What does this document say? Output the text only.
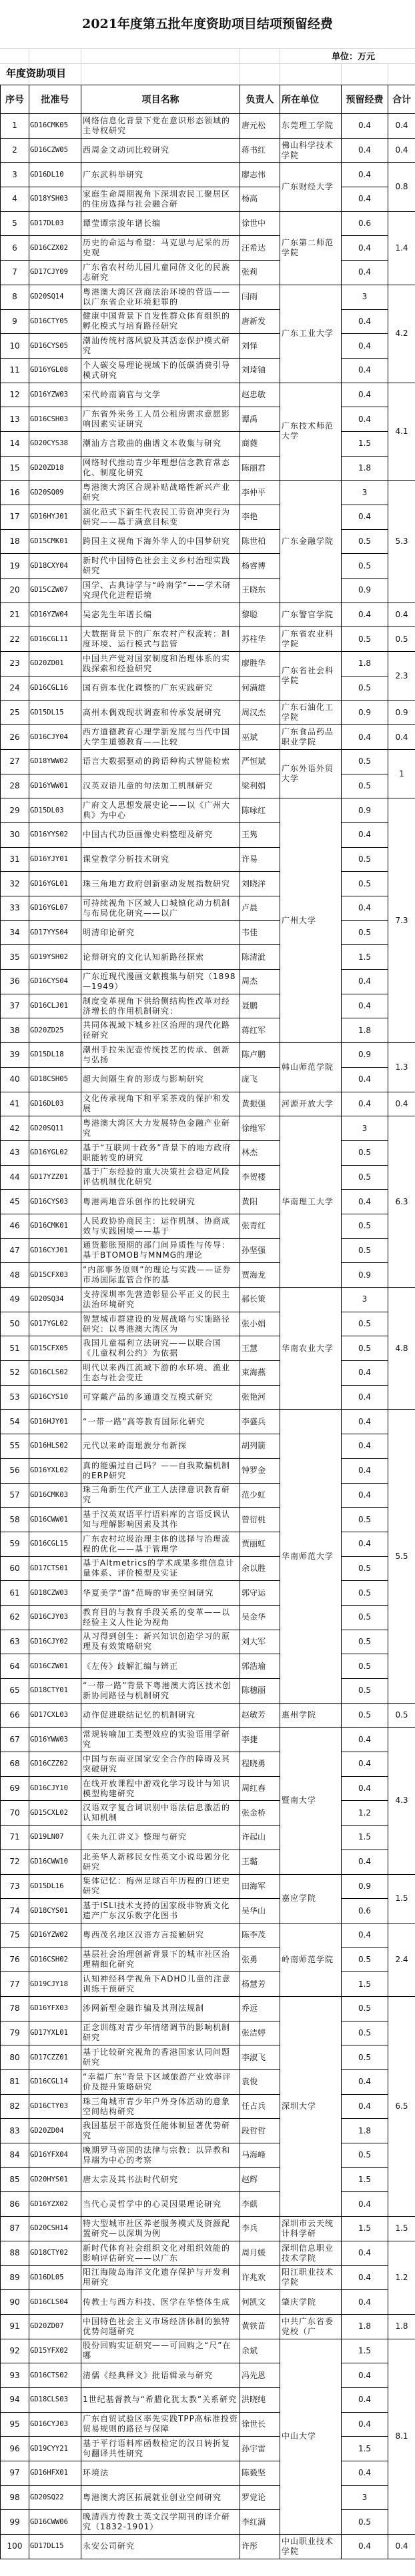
2021年度第五批年度资助项目结项预留经费
单位：万元
年度资助项目
序号	批准号	项目名称	负责人	所在单位	预留经费	合计
1	GD16CMK05	网络信息化背景下党在意识形态领域的主导权研究	唐元松	东莞理工学院	0.4	0.4
2	GD16CZW05	西周金文动词比较研究	蒋书红	佛山科学技术学院	0.4	0.4
3	GD16DL10	广东武科举研究	廖志伟	广东财经大学	0.4	0.8
4	GD18YSH03	家庭生命周期视角下深圳农民工聚居区的住房选择与社会融合研	杨高		0.4	
5	GD17DL03	谭莹谭宗浚年谱长编	徐世中	广东第二师范学院	0.6	1.4
6	GD16CZX02	历史的命运与希望：马克思与尼采的历史观	汪希达		0.4	
7	GD17CJY09	广东省农村幼儿园儿童同侪文化的民族志研究	张莉		0.4	
8	GD20SQ14	粤港澳大湾区营商法治环境的营造——以广东省企业环境犯罪的	闫雨	广东工业大学	3	4.2
9	GD16CTY05	健康中国背景下自发性群众体育组织的孵化模式与培育路径研究	唐新发		0.4	
10	GD16CYS05	潮汕传统村落风貌及其活态保护模式研究	刘怿		0.4	
11	GD16YGL08	个人碳交易理论视域下的低碳消费引导模式研究	刘琦铀		0.4	
12	GD16YZW03	宋代岭南谪官与文学	赵忠敏	广东技术师范大学	0.4	4.1
13	GD16CSH03	广东省外来务工人员公租房需求意愿影响因素实证研究	谭禹		0.4	
14	GD20CYS38	潮汕方言歌曲的曲谱文本收集与研究	商蕤		1.5	
15	GD20ZD18	网络时代推动青少年理想信念教育常态化、制度化研究	陈丽君		1.8	
16	GD20SQ09	粤港澳大湾区合规补贴战略性新兴产业研究	李仲平	广东金融学院	3	5.3
17	GD16HYJ01	演化范式下新生代农民工劳资冲突行为研究——基于满意目标变	李艳		0.4	
18	GD15CMK01	跨国主义视角下海外华人的中国梦研究	陈世柏		0.5	
19	GD18CXY04	新时代中国特色社会主义乡村治理实践研究	杨睿博		0.5	
20	GD15CZW07	国学、古典诗学与“岭南学”——学术研究现代化进程语境	王晓东		0.9	
21	GD16YZW04	吴宓先生年谱长编	黎聪	广东警官学院	0.4	0.4
22	GD16CGL11	大数据背景下的广东农村产权流转：制度环境、运行模式与监管	苏柱华	广东省农业科学院	0.5	0.5
23	GD20ZD01	中国共产党对国家制度和治理体系的实践探索和经验研究	廖胜华	广东省社会科学院	1.8	2.3
24	GD16CGL16	国有资本优化调整的广东实践研究	何满雄		0.5	
25	GD15DL15	高州木偶戏现状调查和传承发展研究	周汉杰	广东石油化工学院	0.9	0.9
26	GD16CJY04	西方道德教育心理学新发展与当代中国大学生道德教育——比较	巫斌	广东食品药品职业学院	0.4	0.4
27	GD18YWW02	语言大数据驱动的跨语种构式智能检索	严恒斌	广东外语外贸大学	0.5	1
28	GD16YWW01	汉英双语儿童的句法加工机制研究	梁利娟		0.5	
29	GD15DL03	广府文人思想发展史论——以《广州大典》为中心	陈咏红	广州大学	0.9	7.3
30	GD16YYS02	中国古代功臣画像史料整理及研究	王隽		0.4	
31	GD16YJY01	课堂教学分析技术研究	许易		0.5	
32	GD16YGL01	珠三角地方政府创新驱动发展指数研究	刘晓洋		0.5	
33	GD16YGL07	可持续视角下区域人口城镇化动力机制与布局优化研究——以广	卢晨		0.4	
34	GD17YYS04	明清印论研究	韦佳		0.5	
35	GD19YSH02	论辩研究的文化认知新路径探索	陈清泚		1.5	
36	GD16CYS04	广东近现代漫画文献搜集与研究（1898—1949）	周杰		0.4	
37	GD16CLJ01	制度变革视角下供给侧结构性改革对经济增长的作用机制研究：	聂鹏		0.4	
38	GD20ZD25	共同体视域下城乡社区治理的现代化路径研究	蒋红军		1.8	
39	GD15DL18	潮州手拉朱泥壶传统技艺的传承、创新与弘扬	陈卢鹏	韩山师范学院	0.9	1.3
40	GD18CSH05	超大间隔生育的形成与影响研究	庞飞		0.4	
41	GD16DL03	文化传承视角下和平采茶戏的保护和发展	黄振强	河源开放大学	0.4	0.4
42	GD20SQ11	粤港澳大湾区大力发展特色金融产业研究	徐维军	华南理工大学	3	6.3
43	GD16YGL02	基于“互联网十政务”背景下的地方政府职能转变的研究	林杰		0.5	
44	GD17YZZ01	基于广东经验的重大决策社会稳定风险评估机制优化研究	李贺楼		0.5	
45	GD16CYS03	粤港两地音乐创作的比较研究	黄阳		0.4	
46	GD16CMK01	人民政协协商民主：运作机制、协商成效与实践困境——基于	张青红		0.5	
47	GD16CYJ01	通货膨胀预期的部门间异质性与传导：基于BTOMOB与MNMG的理论	孙坚强		0.5	
48	GD15CFX03	“内部事务原则”的理论与实践——证券市场国际监管合作的基	贾海龙		0.9	
49	GD20SQ34	支持深圳率先营造彰显公平正义的民主法治环境研究	郝长策	华南农业大学	3	4.8
50	GD17YGL02	智慧城市群建设的发展战略与实施路径研究：以粤港澳大湾区为	张小娟		0.5	
51	GD15CFX05	我国儿童福利立法研究——以联合国《儿童权利公约》为依据	王慧		0.5	
52	GD16CLS02	明代以来西江流域下游的水环境、渔业生态与社会变迁	束海燕		0.4	
53	GD16CYS10	可穿戴产品的多通道交互模式研究	张艳河		0.4	
54	GD16HJY01	“一带一路”高等教育国际化研究	李盛兵	华南师范大学	0.4	5.5
55	GD16HLS02	元代以来岭南瑶族分布新探	胡列箭		0.4	
56	GD16YXL02	真的能骗过自己吗？——自我欺骗机制的ERP研究	钟罗金		0.4	
57	GD16CMK03	珠三角新生代产业工人法律意识教育研究	范少虹		0.4	
58	GD16CWW01	基于汉英双语平行语料库的言语反讽认知与理解影响因素及其作	曾衍桃		0.5	
59	GD16CGL15	广东农村垃圾治理主体的选择与治理流程的优化——基于管理学	贾丽虹		0.4	
60	GD17CTS01	基于Altmetrics的学术成果多维信息计量体系、评价模型及实证	余以胜		0.5	
61	GD18CZW03	华夏美学“游”范畴的审美空间研究	郭守运		0.5	
62	GD16CJY03	教育目的与教育手段关系的变革——以经验主义人性论为视角	吴金华		0.5	
63	GD16CJY02	从习得到创生：新兴知识创造学习的原理及有效策略研究	刘大军		0.5	
64	GD16CZW01	《左传》歧解汇编与辨正	郭浩瑜		0.5	
65	GD18CTY01	“一带一路”背景下粤港澳大湾区技术创新协同路径与机制研究	陈穗丽		0.5	
66	GD17CXL03	动作促进联结记忆的机制研究	赵敏芳	惠州学院	0.5	0.5
67	GD16YWW03	常规转喻加工类型效应的实验语用学研究	李捷	暨南大学	0.4	4.3
68	GD16CZZ02	中国与东南亚国家安全合作的障碍及其突破研究	程晓勇		0.4	
69	GD16CJY10	在线开放课程中游戏化学习设计与知识模型构建研究	周红春		0.4	
70	GD15CXL02	汉语双字复合词识别中语法信息激活的认知机制	张金桥		1.2	
71	GD19LN07	《朱九江讲义》整理与研究	许起山		1.5	
72	GD16CWW10	北美华人新移民女性英文小说母题分化研究	王璐		0.4	
73	GD15DL16	集体记忆：梅州足球百年历程的口述史研究	田海军	嘉应学院	0.9	1.5
74	GD18CYS01	基于ISLI技术支持的国家级非物质文化遗产广东汉乐数字化图书	吴华山		0.6	
75	GD16YZW02	粤西茂名地区汉语方言接触研究	陈李茂	岭南师范学院	0.4	2.4
76	GD16CSH02	基层社会治理创新背景下的城市社区治理精细化研究	张勇		0.5	
77	GD19CJY18	认知神经科学视角下ADHD儿童的注意训练干预研究	杨慧芳		1.5	
78	GD16YFX03	涉网新型金融诈骗及其刑法规制	乔远	深圳大学	0.5	6.5
79	GD17YXL01	正念训练对青少年情绪调节的影响机制研究	张洁婷		0.5	
80	GD17CZZ01	基于比较研究视角的香港国家认同问题研究	李淑飞		0.5	
81	GD16CGL14	“幸福广东”背景下区域旅游产业效率评价及提升策略研究	袁俊		0.4	
82	GD16CTY03	珠三角城市青少年户外身体活动的意象空间结构研究	任占兵		0.4	
83	GD20ZD04	我国基层干部选贤任能体制显著优势研究	段哲哲		1.8	
84	GD16YFX04	晚期罗马帝国的法律与宗教：以异教和异端为中心的考察	马海峰		0.5	
85	GD20HYS01	唐太宗及其书法时代研究	赵辉		1.5	
86	GD16YZX02	当代心灵哲学中的心灵因果理论研究	李蕻		0.4	
87	GD20CSH14	特大型城市社区养老服务模式及资源配置研究—以深圳为例	李兵	深圳市云天统计科学研	1.5	1.5
88	GD18CTY02	新时代体育社会组织文化对组织效能的影响评估研究——以广东	周月媛	深圳信息职业技术学院	0.4	1.2
89	GD16DL05	阳江海陵岛海洋文化遗存保护与开发利用研究	许兆欢	阳江职业技术学院	0.4	
90	GD16CLS04	传教士与西方科技、医学在华整体生成	何凯文	肇庆学院	0.4	
91	GD20ZD07	中国特色社会主义市场经济体制的独特优势问题研究	黄铁苗	中共广东省委党校（广	1.8	1.8
92	GD15YFX02	股份回购实证研究——可回购之“尺”在哪	余斌	中山大学	1.5	8.1
93	GD16CTS02	清儒《经典释文》批语辑录与研究	冯先恩		0.4	
94	GD18CLS03	1世纪基督教与“希腊化犹太教”关系研究	洪晓纯		0.4	
95	GD16CYJ03	广东自贸试验区率先实践TPP高标准投资贸易规则的路径与保障	徐世长		0.4	
96	GD19CYY21	基于平行语料库函数检定的汉日转折复句翻译共性研究	孙宇雷		1.5	
97	GD16HFX01	环境法	陈毅坚		0.4	
98	GD20SQ22	粤港澳大湾区拓展就业创业空间研究	罗党论		3	
99	GD16CWW06	晚清西方传教士英文汉学期刊的译介研究（1832-1901）	李红满		0.5	
100	GD17DL15	永安公司研究	许彤	中山职业技术学院	0.4	0.4
